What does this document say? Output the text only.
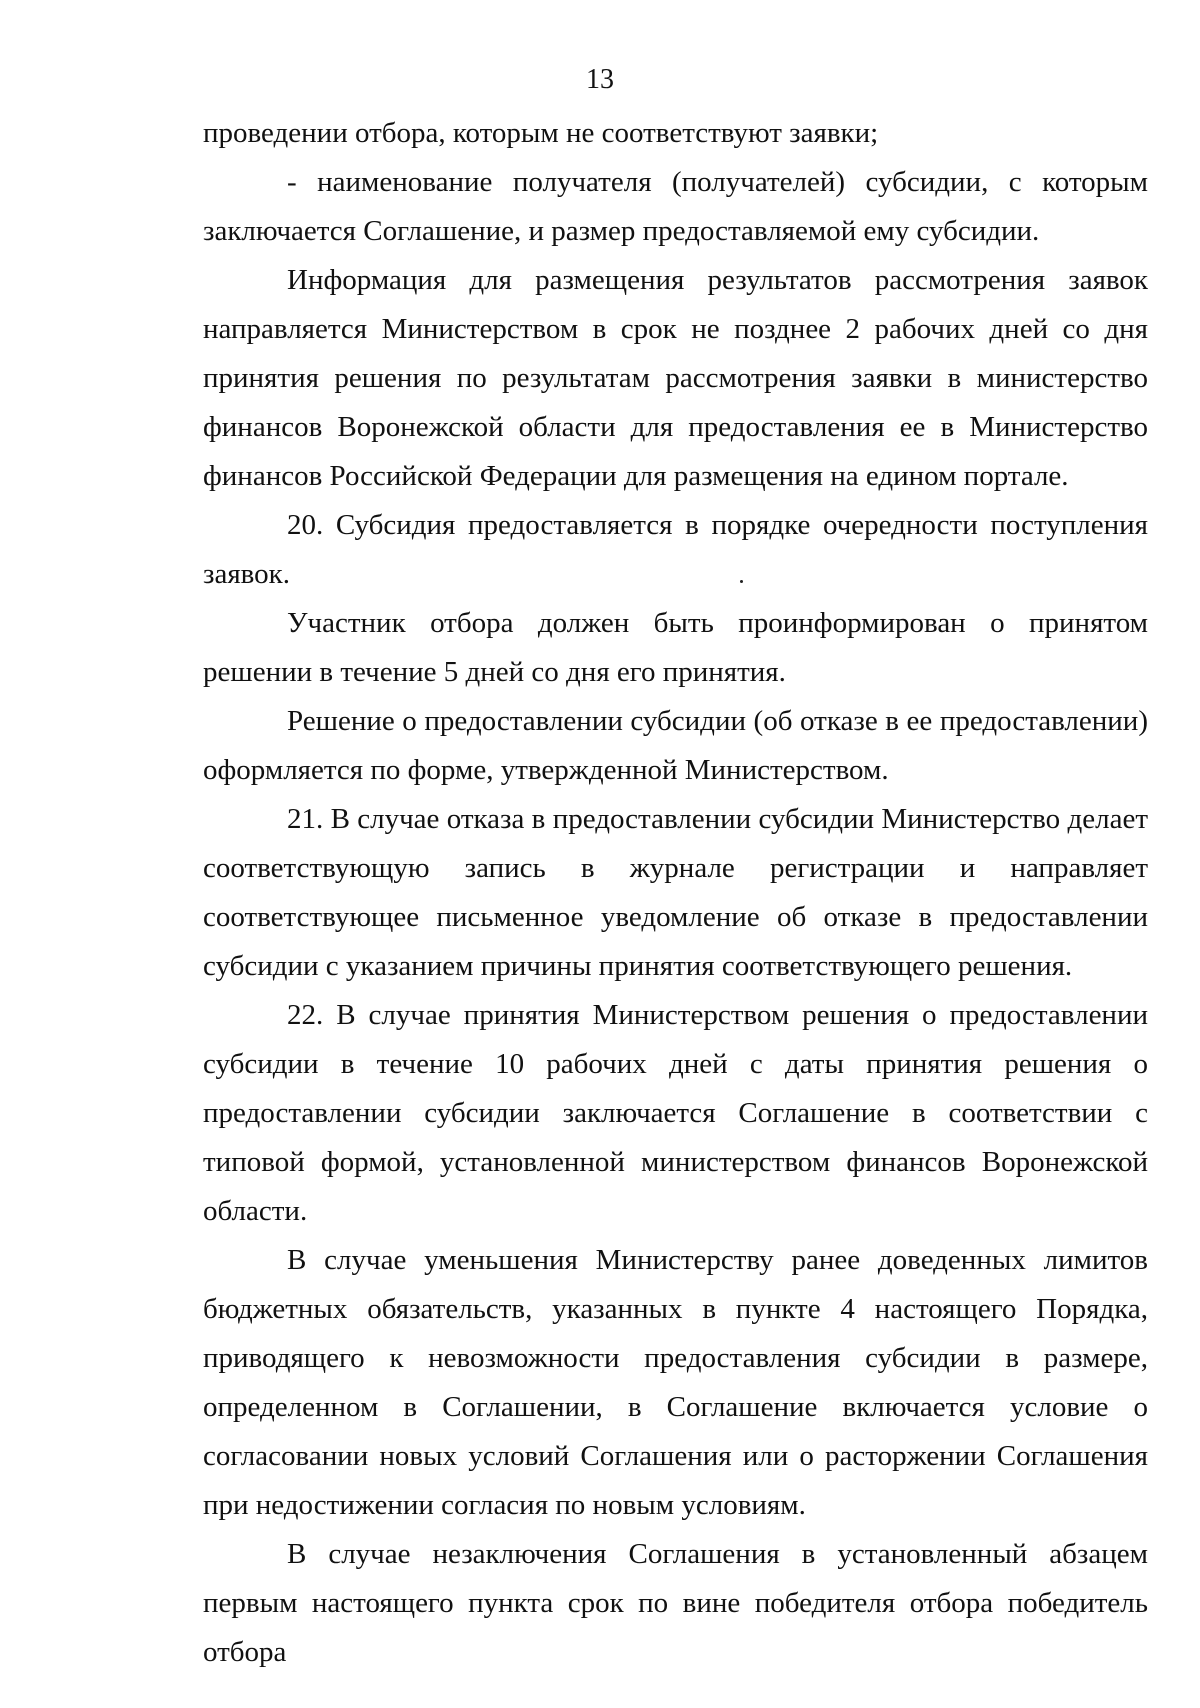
13

проведении отбора, которым не соответствуют заявки;

- наименование получателя (получателей) субсидии, с которым заключается Соглашение, и размер предоставляемой ему субсидии.

Информация для размещения результатов рассмотрения заявок направляется Министерством в срок не позднее 2 рабочих дней со дня принятия решения по результатам рассмотрения заявки в министерство финансов Воронежской области для предоставления ее в Министерство финансов Российской Федерации для размещения на едином портале.

20. Субсидия предоставляется в порядке очередности поступления заявок.

Участник отбора должен быть проинформирован о принятом решении в течение 5 дней со дня его принятия.

Решение о предоставлении субсидии (об отказе в ее предоставлении) оформляется по форме, утвержденной Министерством.

21. В случае отказа в предоставлении субсидии Министерство делает соответствующую запись в журнале регистрации и направляет соответствующее письменное уведомление об отказе в предоставлении субсидии с указанием причины принятия соответствующего решения.

22. В случае принятия Министерством решения о предоставлении субсидии в течение 10 рабочих дней с даты принятия решения о предоставлении субсидии заключается Соглашение в соответствии с типовой формой, установленной министерством финансов Воронежской области.

В случае уменьшения Министерству ранее доведенных лимитов бюджетных обязательств, указанных в пункте 4 настоящего Порядка, приводящего к невозможности предоставления субсидии в размере, определенном в Соглашении, в Соглашение включается условие о согласовании новых условий Соглашения или о расторжении Соглашения при недостижении согласия по новым условиям.

В случае незаключения Соглашения в установленный абзацем первым настоящего пункта срок по вине победителя отбора победитель отбора
